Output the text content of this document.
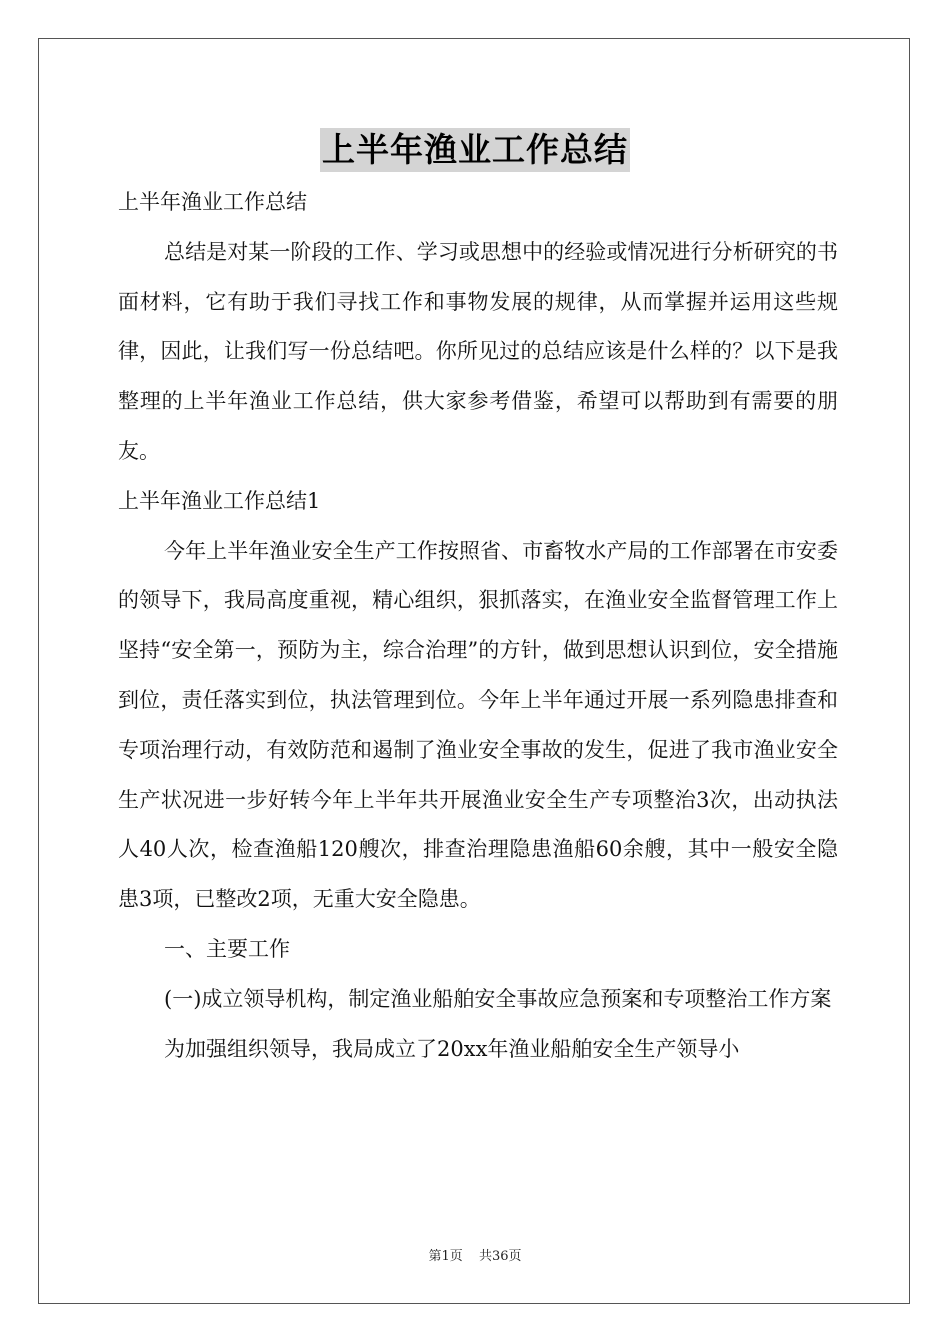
上半年渔业工作总结

上半年渔业工作总结

总结是对某一阶段的工作、学习或思想中的经验或情况进行分析研究的书面材料，它有助于我们寻找工作和事物发展的规律，从而掌握并运用这些规律，因此，让我们写一份总结吧。你所见过的总结应该是什么样的？以下是我整理的上半年渔业工作总结，供大家参考借鉴，希望可以帮助到有需要的朋友。

上半年渔业工作总结1

今年上半年渔业安全生产工作按照省、市畜牧水产局的工作部署在市安委的领导下，我局高度重视，精心组织，狠抓落实，在渔业安全监督管理工作上坚持“安全第一，预防为主，综合治理”的方针，做到思想认识到位，安全措施到位，责任落实到位，执法管理到位。今年上半年通过开展一系列隐患排查和专项治理行动，有效防范和遏制了渔业安全事故的发生，促进了我市渔业安全生产状况进一步好转今年上半年共开展渔业安全生产专项整治3次，出动执法人40人次，检查渔船120艘次，排查治理隐患渔船60余艘，其中一般安全隐患3项，已整改2项，无重大安全隐患。

一、主要工作

(一)成立领导机构，制定渔业船舶安全事故应急预案和专项整治工作方案

为加强组织领导，我局成立了20xx年渔业船舶安全生产领导小

第1页 共36页
